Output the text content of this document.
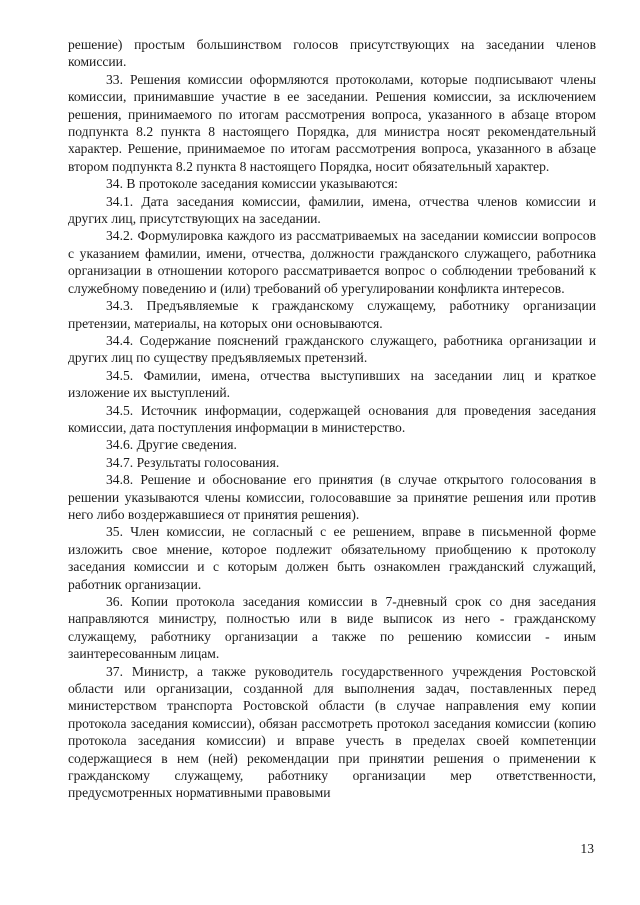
решение) простым большинством голосов присутствующих на заседании членов комиссии.

33. Решения комиссии оформляются протоколами, которые подписывают члены комиссии, принимавшие участие в ее заседании. Решения комиссии, за исключением решения, принимаемого по итогам рассмотрения вопроса, указанного в абзаце втором подпункта 8.2 пункта 8 настоящего Порядка, для министра носят рекомендательный характер. Решение, принимаемое по итогам рассмотрения вопроса, указанного в абзаце втором подпункта 8.2 пункта 8 настоящего Порядка, носит обязательный характер.

34. В протоколе заседания комиссии указываются:

34.1. Дата заседания комиссии, фамилии, имена, отчества членов комиссии и других лиц, присутствующих на заседании.

34.2. Формулировка каждого из рассматриваемых на заседании комиссии вопросов с указанием фамилии, имени, отчества, должности гражданского служащего, работника организации в отношении которого рассматривается вопрос о соблюдении требований к служебному поведению и (или) требований об урегулировании конфликта интересов.

34.3. Предъявляемые к гражданскому служащему, работнику организации претензии, материалы, на которых они основываются.

34.4. Содержание пояснений гражданского служащего, работника организации и других лиц по существу предъявляемых претензий.

34.5. Фамилии, имена, отчества выступивших на заседании лиц и краткое изложение их выступлений.

34.5. Источник информации, содержащей основания для проведения заседания комиссии, дата поступления информации в министерство.

34.6. Другие сведения.

34.7. Результаты голосования.

34.8. Решение и обоснование его принятия (в случае открытого голосования в решении указываются члены комиссии, голосовавшие за принятие решения или против него либо воздержавшиеся от принятия решения).

35. Член комиссии, не согласный с ее решением, вправе в письменной форме изложить свое мнение, которое подлежит обязательному приобщению к протоколу заседания комиссии и с которым должен быть ознакомлен гражданский служащий, работник организации.

36. Копии протокола заседания комиссии в 7-дневный срок со дня заседания направляются министру, полностью или в виде выписок из него - гражданскому служащему, работнику организации а также по решению комиссии - иным заинтересованным лицам.

37. Министр, а также руководитель государственного учреждения Ростовской области или организации, созданной для выполнения задач, поставленных перед министерством транспорта Ростовской области (в случае направления ему копии протокола заседания комиссии), обязан рассмотреть протокол заседания комиссии (копию протокола заседания комиссии) и вправе учесть в пределах своей компетенции содержащиеся в нем (ней) рекомендации при принятии решения о применении к гражданскому служащему, работнику организации мер ответственности, предусмотренных нормативными правовыми

13
